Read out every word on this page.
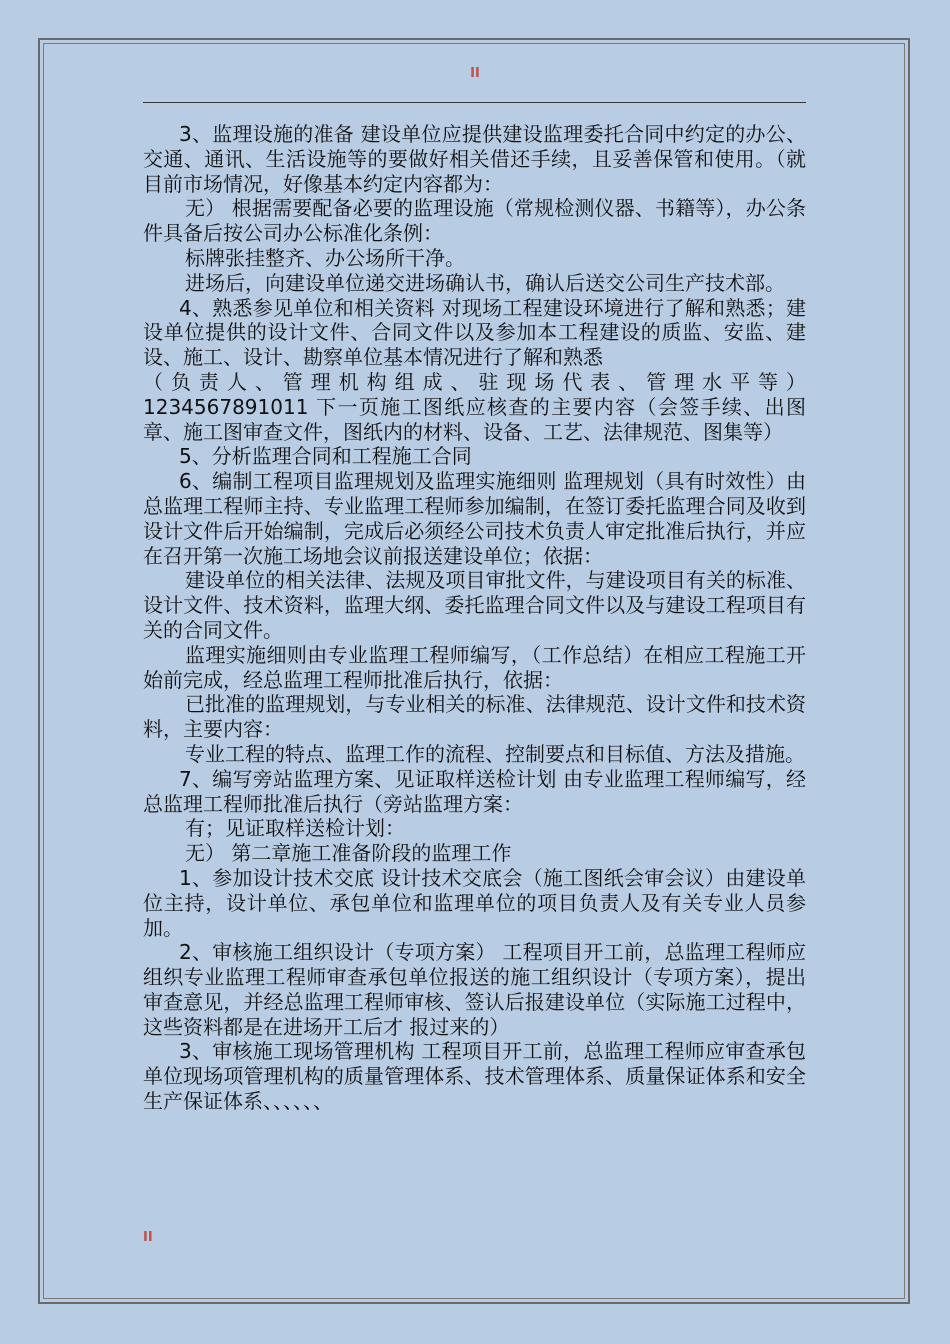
II

3、监理设施的准备 建设单位应提供建设监理委托合同中约定的办公、交通、通讯、生活设施等的要做好相关借还手续，且妥善保管和使用。（就目前市场情况，好像基本约定内容都为：

无） 根据需要配备必要的监理设施（常规检测仪器、书籍等），办公条件具备后按公司办公标准化条例：

标牌张挂整齐、办公场所干净。

进场后，向建设单位递交进场确认书，确认后送交公司生产技术部。

4、熟悉参见单位和相关资料 对现场工程建设环境进行了解和熟悉；建设单位提供的设计文件、合同文件以及参加本工程建设的质监、安监、建设、施工、设计、勘察单位基本情况进行了解和熟悉

（负责人、管理机构组成、驻现场代表、管理水平等）

1234567891011 下一页施工图纸应核查的主要内容（会签手续、出图章、施工图审查文件，图纸内的材料、设备、工艺、法律规范、图集等）

5、分析监理合同和工程施工合同

6、编制工程项目监理规划及监理实施细则 监理规划（具有时效性）由总监理工程师主持、专业监理工程师参加编制，在签订委托监理合同及收到设计文件后开始编制，完成后必须经公司技术负责人审定批准后执行，并应在召开第一次施工场地会议前报送建设单位；依据：

建设单位的相关法律、法规及项目审批文件，与建设项目有关的标准、设计文件、技术资料，监理大纲、委托监理合同文件以及与建设工程项目有关的合同文件。

监理实施细则由专业监理工程师编写，（工作总结）在相应工程施工开始前完成，经总监理工程师批准后执行，依据：

已批准的监理规划，与专业相关的标准、法律规范、设计文件和技术资料，主要内容：

专业工程的特点、监理工作的流程、控制要点和目标值、方法及措施。

7、编写旁站监理方案、见证取样送检计划 由专业监理工程师编写，经总监理工程师批准后执行（旁站监理方案：

有；见证取样送检计划：

无） 第二章施工准备阶段的监理工作

1、参加设计技术交底 设计技术交底会（施工图纸会审会议）由建设单位主持，设计单位、承包单位和监理单位的项目负责人及有关专业人员参加。

2、审核施工组织设计（专项方案） 工程项目开工前，总监理工程师应组织专业监理工程师审查承包单位报送的施工组织设计（专项方案），提出审查意见，并经总监理工程师审核、签认后报建设单位（实际施工过程中，这些资料都是在进场开工后才 报过来的）

3、审核施工现场管理机构 工程项目开工前，总监理工程师应审查承包单位现场项管理机构的质量管理体系、技术管理体系、质量保证体系和安全生产保证体系、、、、、、

II
